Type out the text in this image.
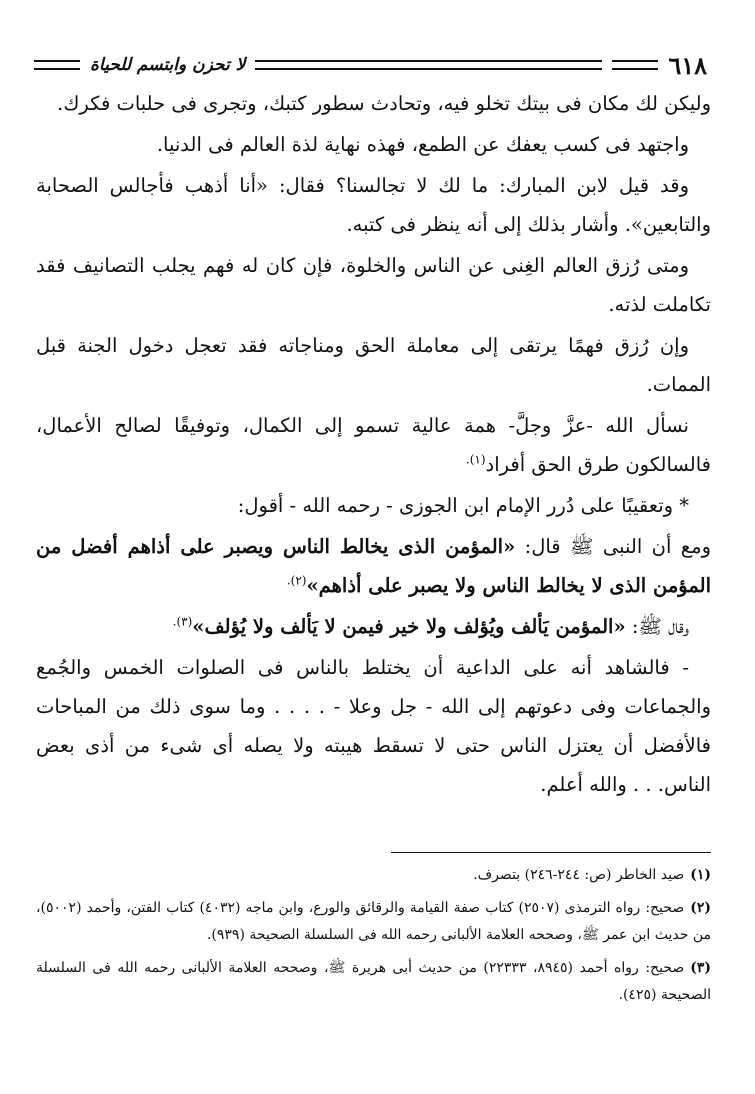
٦١٨
لا تحزن وابتسم للحياة

وليكن لك مكان فى بيتك تخلو فيه، وتحادث سطور كتبك، وتجرى فى حلبات فكرك.

واجتهد فى كسب يعفك عن الطمع، فهذه نهاية لذة العالم فى الدنيا.

وقد قيل لابن المبارك: ما لك لا تجالسنا؟ فقال: «أنا أذهب فأجالس الصحابة والتابعين». وأشار بذلك إلى أنه ينظر فى كتبه.

ومتى رُزق العالم الغِنى عن الناس والخلوة، فإن كان له فهم يجلب التصانيف فقد تكاملت لذته.

وإن رُزق فهمًا يرتقى إلى معاملة الحق ومناجاته فقد تعجل دخول الجنة قبل الممات.

نسأل الله -عزَّ وجلَّ- همة عالية تسمو إلى الكمال، وتوفيقًا لصالح الأعمال، فالسالكون طرق الحق أفراد$^{(١).}$

* وتعقيبًا على دُرر الإمام ابن الجوزى - رحمه الله - أقول:

ومع أن النبى ﷺ قال: «المؤمن الذى يخالط الناس ويصبر على أذاهم أفضل من المؤمن الذى لا يخالط الناس ولا يصبر على أذاهم»$^{(٢).}$

وقال ﷺ: «المؤمن يَألف ويُؤلف ولا خير فيمن لا يَألف ولا يُؤلف»$^{(٣).}$

- فالشاهد أنه على الداعية أن يختلط بالناس فى الصلوات الخمس والجُمع والجماعات وفى دعوتهم إلى الله - جل وعلا - . . . . وما سوى ذلك من المباحات فالأفضل أن يعتزل الناس حتى لا تسقط هيبته ولا يصله أى شىء من أذى بعض الناس. . . والله أعلم.

(١)صيد الخاطر (ص: ٢٤٤-٢٤٦) بتصرف.
(٢)صحيح: رواه الترمذى (٢٥٠٧) كتاب صفة القيامة والرقائق والورع، وابن ماجه (٤٠٣٢) كتاب الفتن، وأحمد (٥٠٠٢)، من حديث ابن عمر ﷺ، وصححه العلامة الألبانى رحمه الله فى السلسلة الصحيحة (٩٣٩).
(٣)صحيح: رواه أحمد (٨٩٤٥، ٢٢٣٣٣) من حديث أبى هريرة ﷺ، وصححه العلامة الألبانى رحمه الله فى السلسلة الصحيحة (٤٢٥).
